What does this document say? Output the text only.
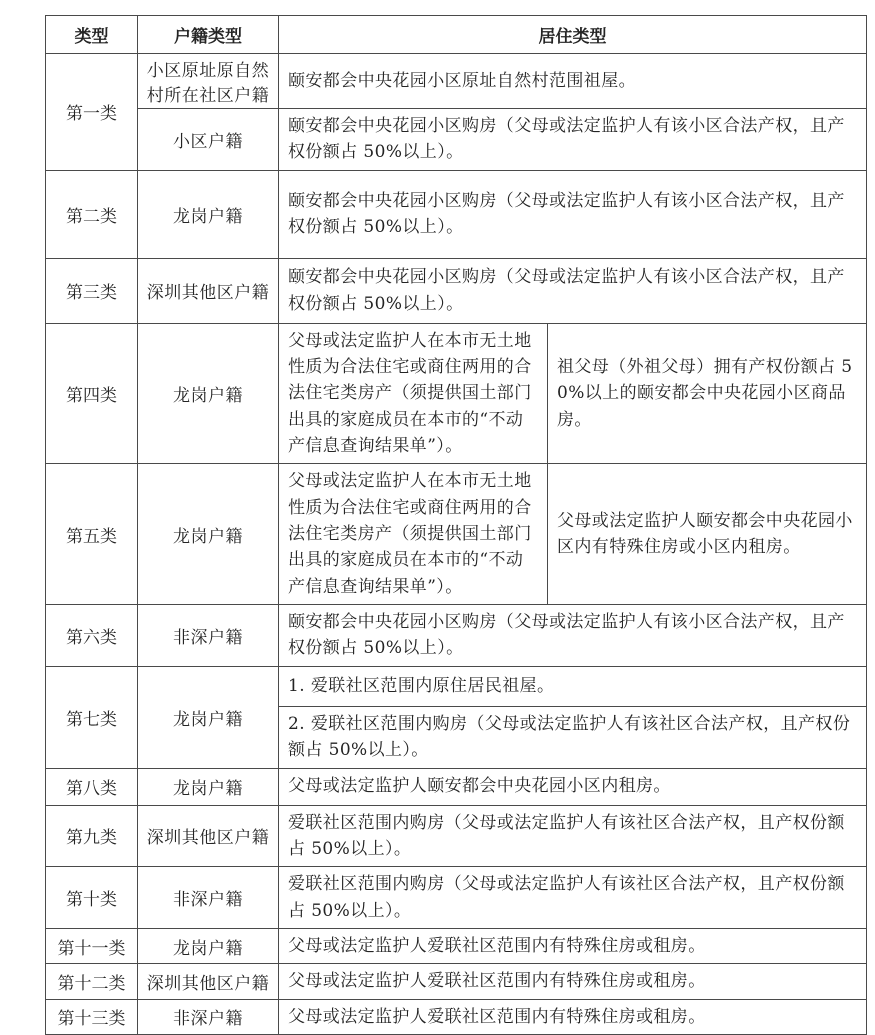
类型	户籍类型	居住类型	
第一类	小区原址原自然村所在社区户籍	颐安都会中央花园小区原址自然村范围祖屋。	
	小区户籍	颐安都会中央花园小区购房（父母或法定监护人有该小区合法产权，且产权份额占 50%以上）。	
第二类	龙岗户籍	颐安都会中央花园小区购房（父母或法定监护人有该小区合法产权，且产权份额占 50%以上）。	
第三类	深圳其他区户籍	颐安都会中央花园小区购房（父母或法定监护人有该小区合法产权，且产权份额占 50%以上）。	
第四类	龙岗户籍	父母或法定监护人在本市无土地性质为合法住宅或商住两用的合法住宅类房产（须提供国土部门出具的家庭成员在本市的“不动产信息查询结果单”）。	祖父母（外祖父母）拥有产权份额占 50%以上的颐安都会中央花园小区商品房。
第五类	龙岗户籍	父母或法定监护人在本市无土地性质为合法住宅或商住两用的合法住宅类房产（须提供国土部门出具的家庭成员在本市的“不动产信息查询结果单”）。	父母或法定监护人颐安都会中央花园小区内有特殊住房或小区内租房。
第六类	非深户籍	颐安都会中央花园小区购房（父母或法定监护人有该小区合法产权，且产权份额占 50%以上）。	
第七类	龙岗户籍	1. 爱联社区范围内原住居民祖屋。	
		2. 爱联社区范围内购房（父母或法定监护人有该社区合法产权，且产权份额占 50%以上）。	
第八类	龙岗户籍	父母或法定监护人颐安都会中央花园小区内租房。	
第九类	深圳其他区户籍	爱联社区范围内购房（父母或法定监护人有该社区合法产权，且产权份额占 50%以上）。	
第十类	非深户籍	爱联社区范围内购房（父母或法定监护人有该社区合法产权，且产权份额占 50%以上）。	
第十一类	龙岗户籍	父母或法定监护人爱联社区范围内有特殊住房或租房。	
第十二类	深圳其他区户籍	父母或法定监护人爱联社区范围内有特殊住房或租房。	
第十三类	非深户籍	父母或法定监护人爱联社区范围内有特殊住房或租房。	
